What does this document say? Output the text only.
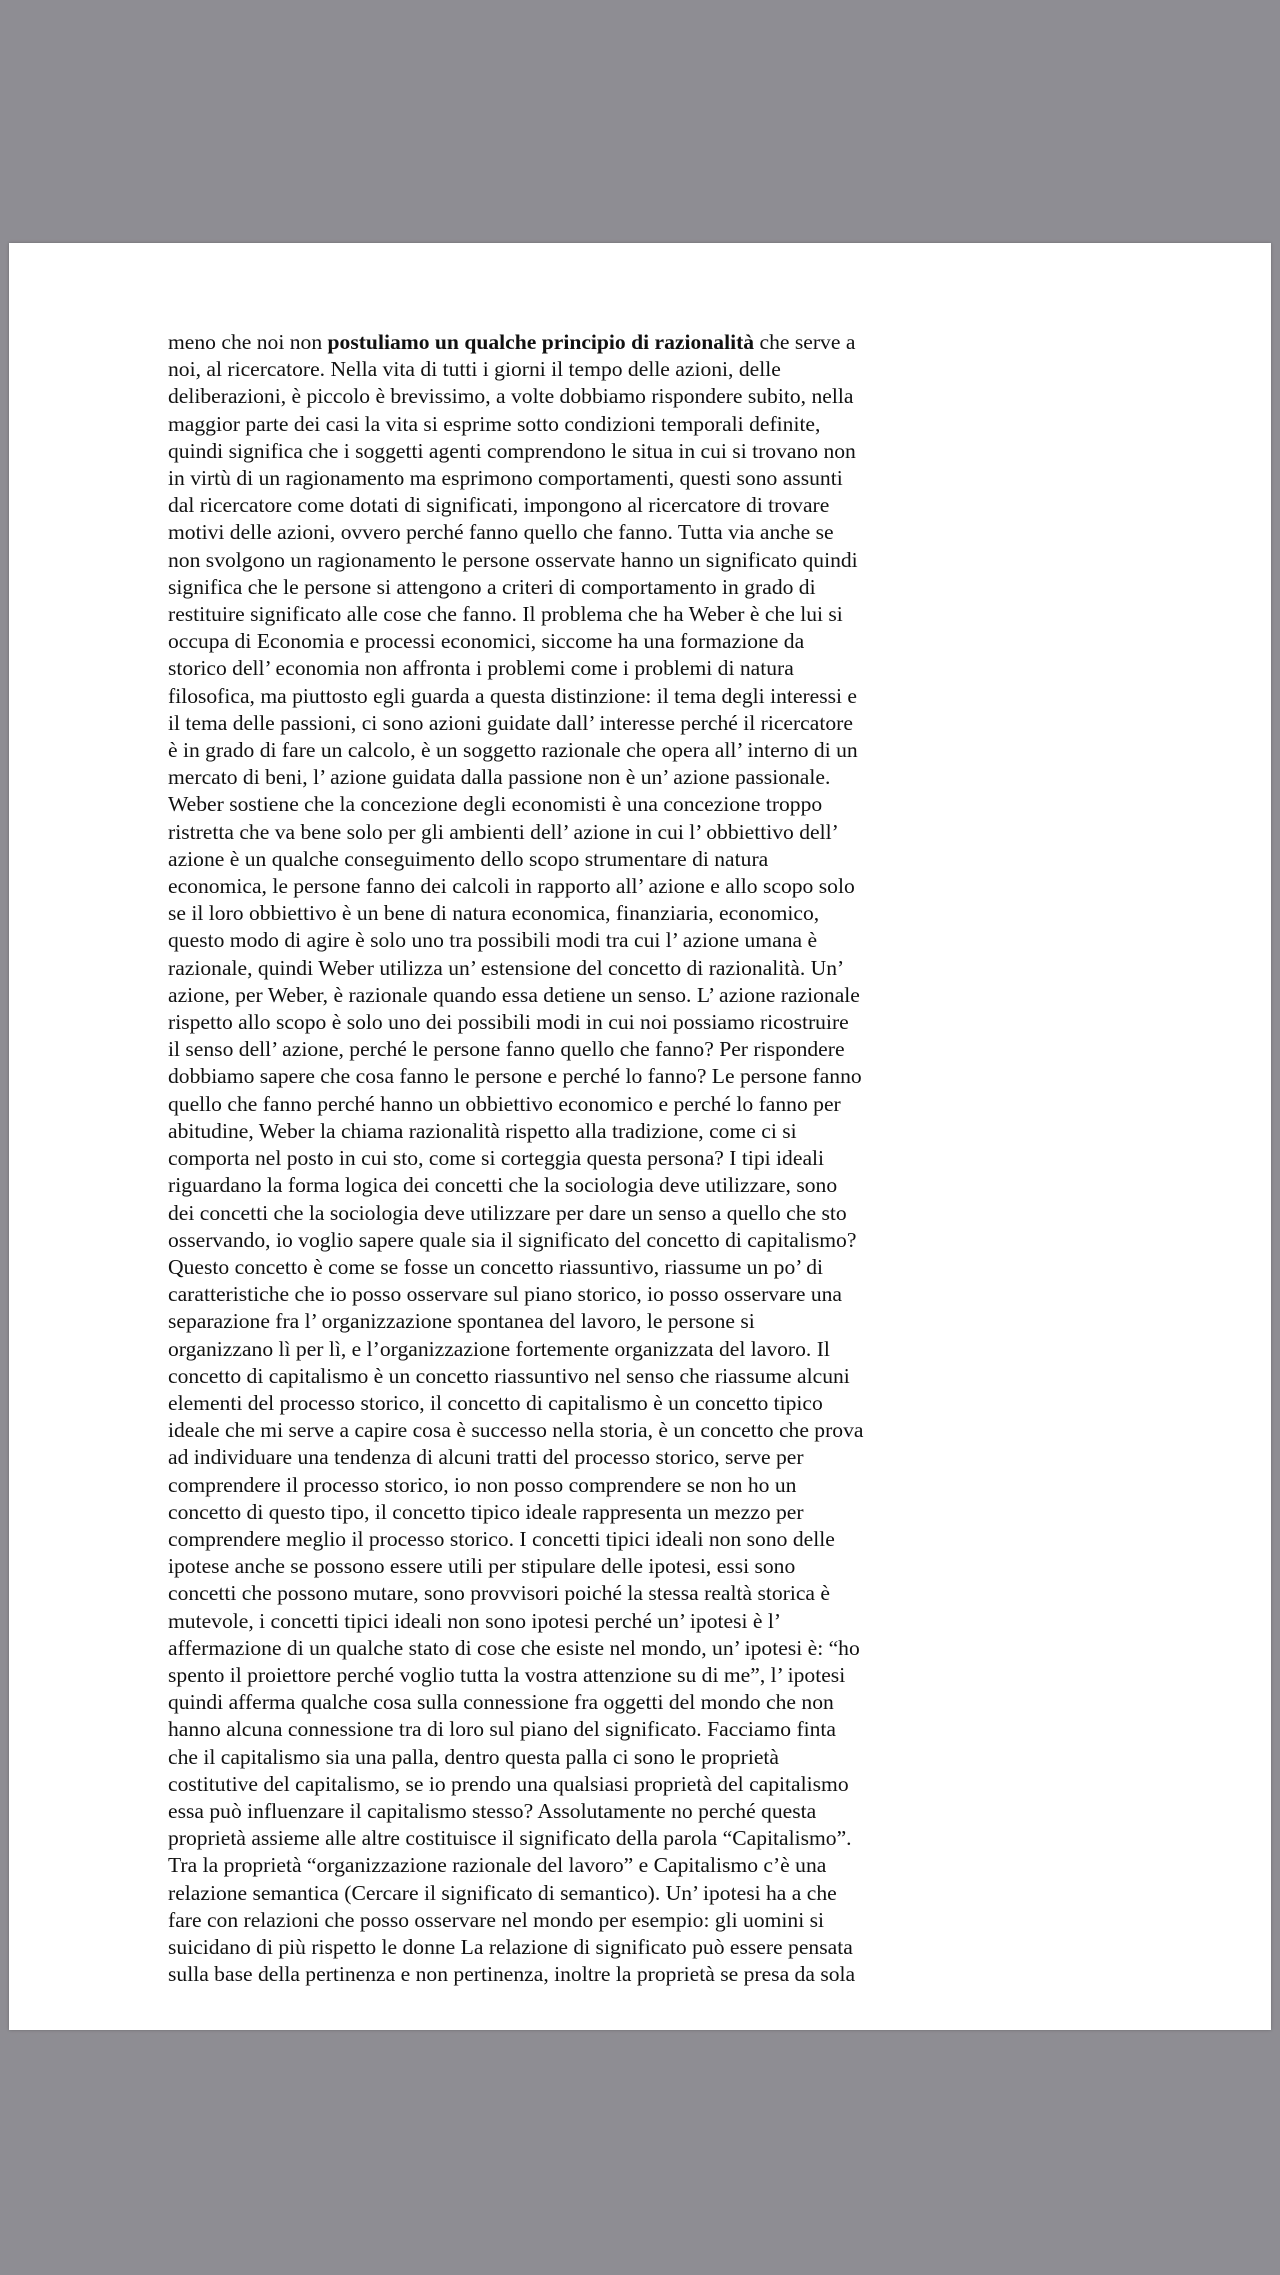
meno che noi non postuliamo un qualche principio di razionalità che serve a
noi, al ricercatore. Nella vita di tutti i giorni il tempo delle azioni, delle
deliberazioni, è piccolo è brevissimo, a volte dobbiamo rispondere subito, nella
maggior parte dei casi la vita si esprime sotto condizioni temporali definite,
quindi significa che i soggetti agenti comprendono le situa in cui si trovano non
in virtù di un ragionamento ma esprimono comportamenti, questi sono assunti
dal ricercatore come dotati di significati, impongono al ricercatore di trovare
motivi delle azioni, ovvero perché fanno quello che fanno. Tutta via anche se
non svolgono un ragionamento le persone osservate hanno un significato quindi
significa che le persone si attengono a criteri di comportamento in grado di
restituire significato alle cose che fanno. Il problema che ha Weber è che lui si
occupa di Economia e processi economici, siccome ha una formazione da
storico dell’ economia non affronta i problemi come i problemi di natura
filosofica, ma piuttosto egli guarda a questa distinzione: il tema degli interessi e
il tema delle passioni, ci sono azioni guidate dall’ interesse perché il ricercatore
è in grado di fare un calcolo, è un soggetto razionale che opera all’ interno di un
mercato di beni, l’ azione guidata dalla passione non è un’ azione passionale.
Weber sostiene che la concezione degli economisti è una concezione troppo
ristretta che va bene solo per gli ambienti dell’ azione in cui l’ obbiettivo dell’
azione è un qualche conseguimento dello scopo strumentare di natura
economica, le persone fanno dei calcoli in rapporto all’ azione e allo scopo solo
se il loro obbiettivo è un bene di natura economica, finanziaria, economico,
questo modo di agire è solo uno tra possibili modi tra cui l’ azione umana è
razionale, quindi Weber utilizza un’ estensione del concetto di razionalità. Un’
azione, per Weber, è razionale quando essa detiene un senso. L’ azione razionale
rispetto allo scopo è solo uno dei possibili modi in cui noi possiamo ricostruire
il senso dell’ azione, perché le persone fanno quello che fanno? Per rispondere
dobbiamo sapere che cosa fanno le persone e perché lo fanno? Le persone fanno
quello che fanno perché hanno un obbiettivo economico e perché lo fanno per
abitudine, Weber la chiama razionalità rispetto alla tradizione, come ci si
comporta nel posto in cui sto, come si corteggia questa persona? I tipi ideali
riguardano la forma logica dei concetti che la sociologia deve utilizzare, sono
dei concetti che la sociologia deve utilizzare per dare un senso a quello che sto
osservando, io voglio sapere quale sia il significato del concetto di capitalismo?
Questo concetto è come se fosse un concetto riassuntivo, riassume un po’ di
caratteristiche che io posso osservare sul piano storico, io posso osservare una
separazione fra l’ organizzazione spontanea del lavoro, le persone si
organizzano lì per lì, e l’organizzazione fortemente organizzata del lavoro. Il
concetto di capitalismo è un concetto riassuntivo nel senso che riassume alcuni
elementi del processo storico, il concetto di capitalismo è un concetto tipico
ideale che mi serve a capire cosa è successo nella storia, è un concetto che prova
ad individuare una tendenza di alcuni tratti del processo storico, serve per
comprendere il processo storico, io non posso comprendere se non ho un
concetto di questo tipo, il concetto tipico ideale rappresenta un mezzo per
comprendere meglio il processo storico. I concetti tipici ideali non sono delle
ipotese anche se possono essere utili per stipulare delle ipotesi, essi sono
concetti che possono mutare, sono provvisori poiché la stessa realtà storica è
mutevole, i concetti tipici ideali non sono ipotesi perché un’ ipotesi è l’
affermazione di un qualche stato di cose che esiste nel mondo, un’ ipotesi è: “ho
spento il proiettore perché voglio tutta la vostra attenzione su di me”, l’ ipotesi
quindi afferma qualche cosa sulla connessione fra oggetti del mondo che non
hanno alcuna connessione tra di loro sul piano del significato. Facciamo finta
che il capitalismo sia una palla, dentro questa palla ci sono le proprietà
costitutive del capitalismo, se io prendo una qualsiasi proprietà del capitalismo
essa può influenzare il capitalismo stesso? Assolutamente no perché questa
proprietà assieme alle altre costituisce il significato della parola “Capitalismo”.
Tra la proprietà “organizzazione razionale del lavoro” e Capitalismo c’è una
relazione semantica (Cercare il significato di semantico). Un’ ipotesi ha a che
fare con relazioni che posso osservare nel mondo per esempio: gli uomini si
suicidano di più rispetto le donne La relazione di significato può essere pensata
sulla base della pertinenza e non pertinenza, inoltre la proprietà se presa da sola
